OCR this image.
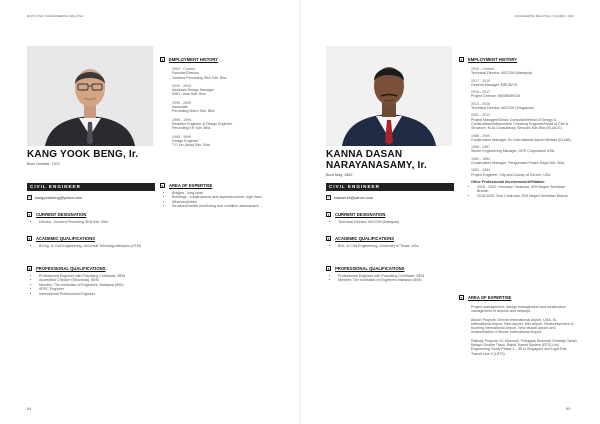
WHO'S WHO IN ENGINEERING MALAYSIA
KANG YOOK BENG, Ir.
Born October, 1971
CIVIL ENGINEER
✉	kangyookbeng@yahoo.com
1	CURRENT DESIGNATION
• Director, Jurutera Perunding SKA Sdn. Bhd.
2	ACADEMIC QUALIFICATIONS
• B.Eng. in Civil Engineering, Universiti Teknologi Malaysia (UTM)
3	PROFESSIONAL QUALIFICATIONS
• Professional Engineer with Practising Certificate, BEM
• Accredited Checker (Structural), BEM
• Member, The Institution of Engineers, Malaysia (IEM)
• APEC Engineer
• International Professional Engineer
4	EMPLOYMENT HISTORY
2003 - Current
Founder/Director
Jurutera Perunding SKA Sdn. Bhd.
2000 - 2003
Assistant Design Manager
NHD - Asia Sdn. Bhd.
1999 - 2000
Associate
Perunding Metro Sdn. Bhd.
1996 - 1999
Resident Engineer & Design Engineer
Perunding KH Sdn. Bhd.
1995 - 1996
Design Engineer
T.Y. Lin (Asia) Sdn. Bhd.
5	AREA OF EXPERTISE
• Bridges - long span
• Buildings - substructures and superstructures; high rises
• Wharves/jetties
• Structural health monitoring and condition assessment
64
ENGINEERING MALAYSIA | VOLUME 1 2022
KANNA DASAN
NARAYANASAMY, Ir.
Born May, 1962
CIVIL ENGINEER
✉	kdasan18@yahoo.com
1	CURRENT DESIGNATION
• Technical Director, AECOM (Malaysia)
2	ACADEMIC QUALIFICATIONS
• BSc. in Civil Engineering, University of Texas, USA
3	PROFESSIONAL QUALIFICATIONS
• Professional Engineer with Practising Certificate, BEM
• Member, The Institution of Engineers Malaysia (IEM)
4	EMPLOYMENT HISTORY
2019 - Current
Technical Director, AECOM (Malaysia)
2017 - 2019
General Manager, MRCB/CK
2016 - 2017
Project Director, MMSB/MRCB
2013 - 2016
Technical Director, AECOM (Singapore)
2001 - 2013
Project Manager/Senior Consultant/Head of Design & Construction/Independent Checking Engineer/Head of Civil & Structure, KLIA Consultancy Services Sdn Bhd (KLIACS)
1988 - 2000
Construction Manager, KL International Airport Berhad (KLIAB)
1985 - 1987
Senior Engineering Manager, URS Corporation USA
1984 - 1984
Construction Manager, Pengurusan Projek Daya Sdn. Bhd.
1983 - 1984
Project Engineer, City and County of Denver, USA
Other Professional Involvement/Affiliation
• 2020 - 2022: Honorary Treasurer, IEM Negeri Sembilan Branch
• 2018-2020: Vice Chairman, IEM Negeri Sembilan Branch
5	AREA OF EXPERTISE
Project management, design management and construction management of airports and railways.
Airport Projects: Denver International Airport, USA, KL International Airport, New Airport, Mid-Airport, Redevelopment of Kuching International Airport, New Mukah Airport and modernisation of Brunei International Airport.
Railway Projects: KL Monorail, Putrajaya Monorail, Keretapi Tanah Melayu Double Track, Rapid Transit System (RTS) Link Engineering Study Phase 1 - JB to Singapore and Light Rail Transit Line 3 (LRT3).
65
